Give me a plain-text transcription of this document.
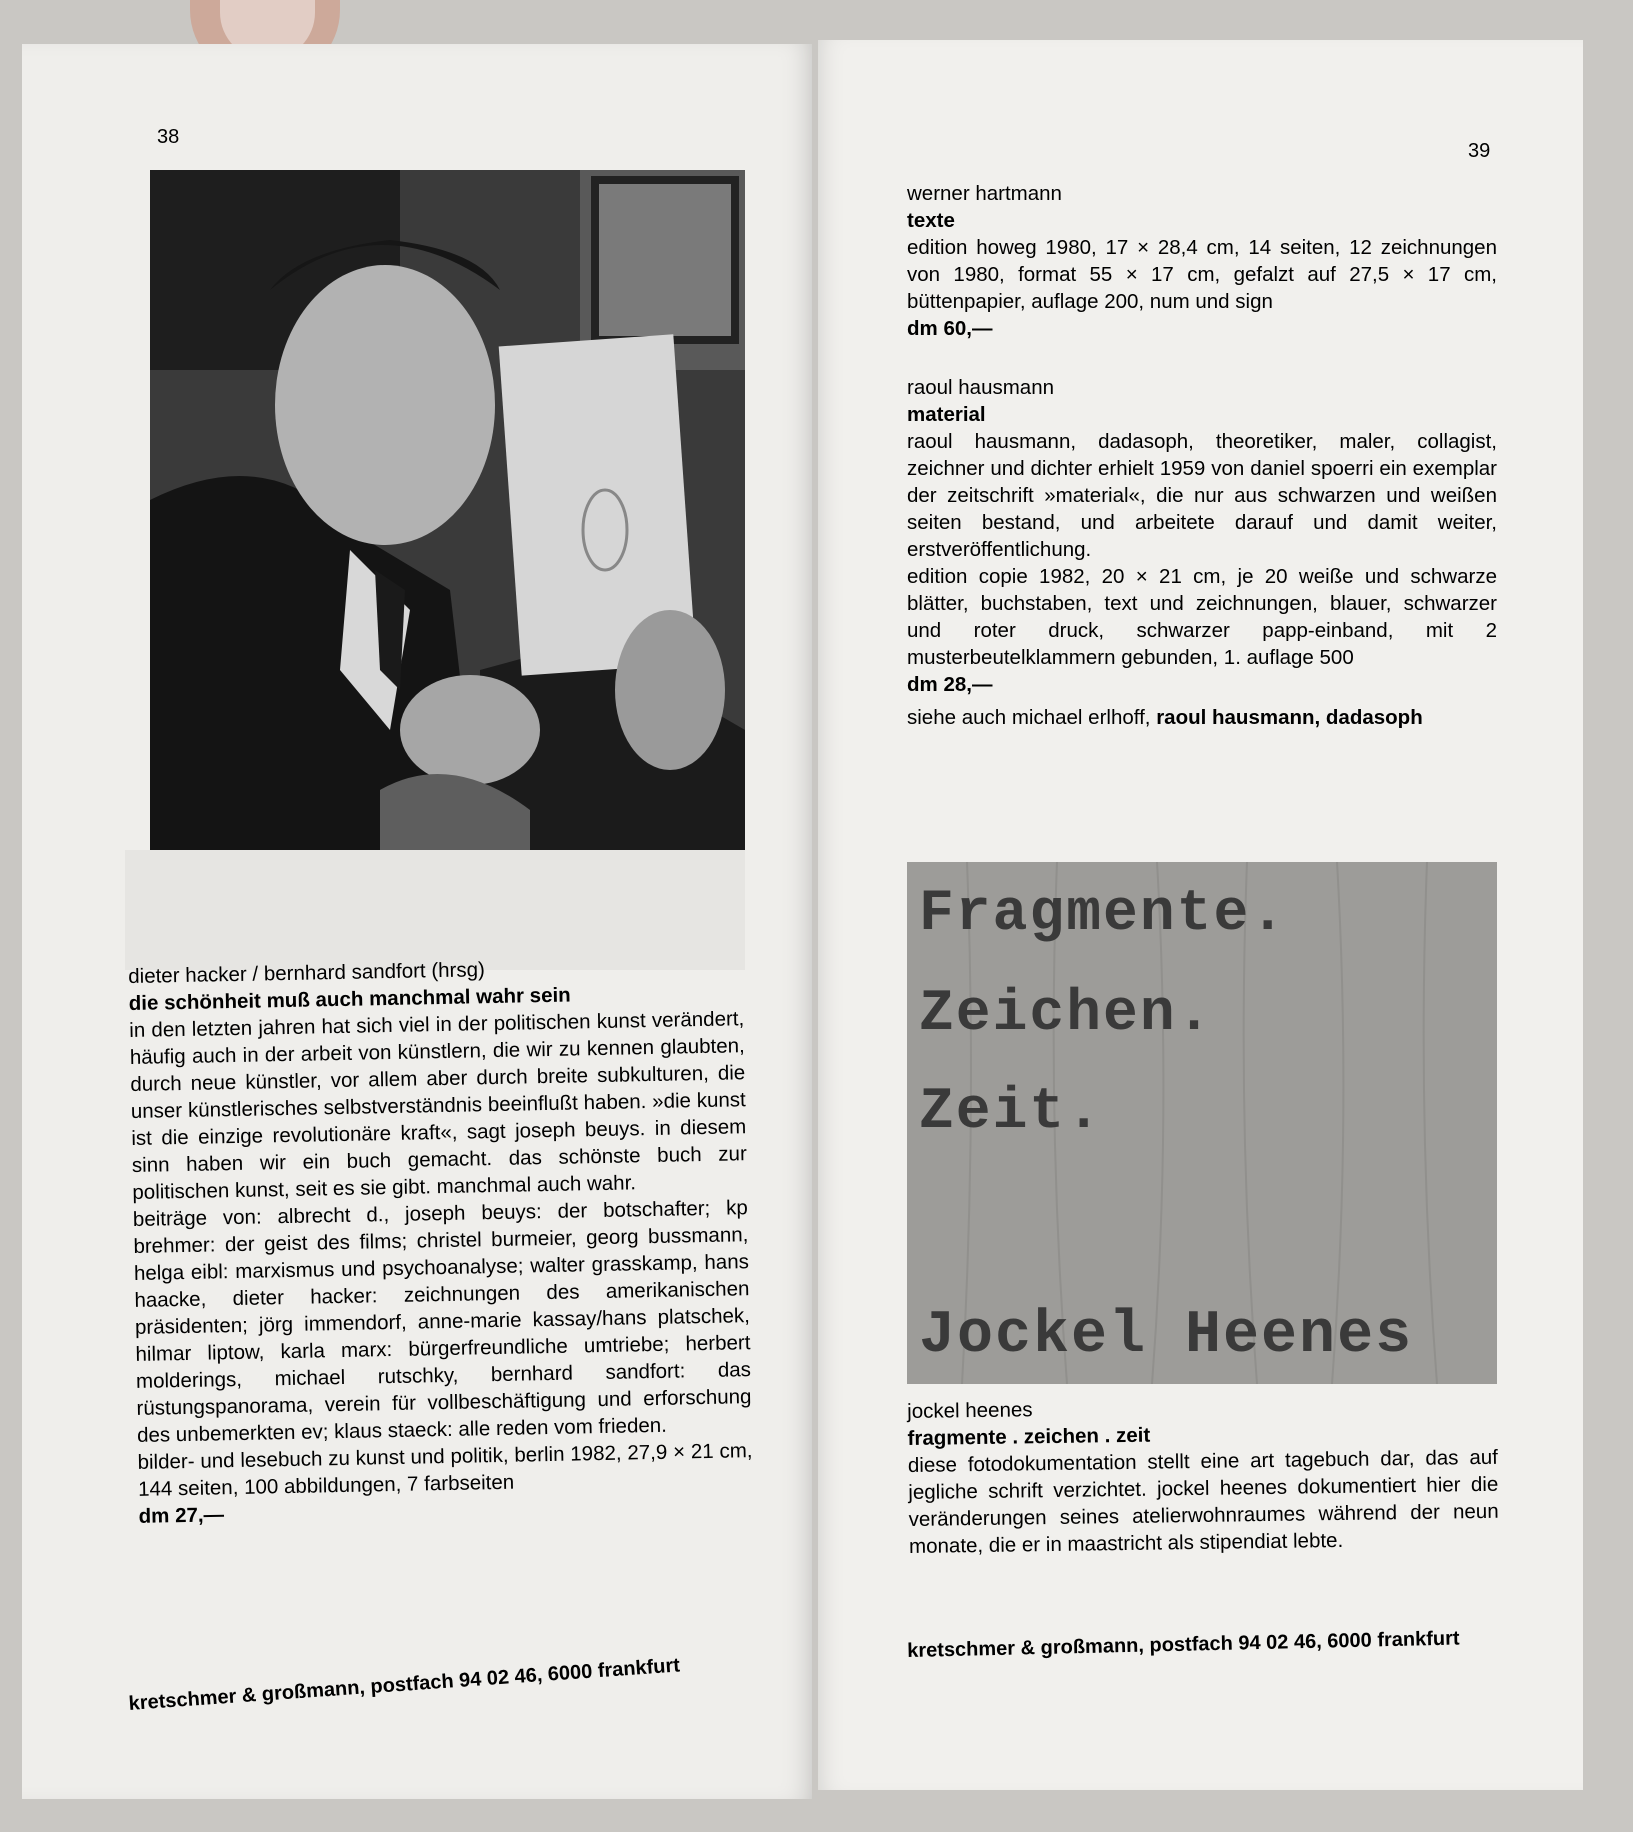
38

dieter hacker / bernhard sandfort (hrsg)

die schönheit muß auch manchmal wahr sein

in den letzten jahren hat sich viel in der politischen kunst verändert, häufig auch in der arbeit von künstlern, die wir zu kennen glaubten, durch neue künstler, vor allem aber durch breite subkulturen, die unser künstlerisches selbstverständnis beeinflußt haben. »die kunst ist die einzige revolutionäre kraft«, sagt joseph beuys. in diesem sinn haben wir ein buch gemacht. das schönste buch zur politischen kunst, seit es sie gibt. manchmal auch wahr.

beiträge von: albrecht d., joseph beuys: der botschafter; kp brehmer: der geist des films; christel burmeier, georg bussmann, helga eibl: marxismus und psychoanalyse; walter grasskamp, hans haacke, dieter hacker: zeichnungen des amerikanischen präsidenten; jörg immendorf, anne-marie kassay/hans platschek, hilmar liptow, karla marx: bürgerfreundliche umtriebe; herbert molderings, michael rutschky, bernhard sandfort: das rüstungspanorama, verein für vollbeschäftigung und erforschung des unbemerkten ev; klaus staeck: alle reden vom frieden.

bilder- und lesebuch zu kunst und politik, berlin 1982, 27,9 × 21 cm, 144 seiten, 100 abbildungen, 7 farbseiten

dm 27,—

kretschmer & großmann, postfach 94 02 46, 6000 frankfurt
39

werner hartmann

texte

edition howeg 1980, 17 × 28,4 cm, 14 seiten, 12 zeichnungen von 1980, format 55 × 17 cm, gefalzt auf 27,5 × 17 cm, büttenpapier, auflage 200, num und sign

dm 60,—

raoul hausmann

material

raoul hausmann, dadasoph, theoretiker, maler, collagist, zeichner und dichter erhielt 1959 von daniel spoerri ein exemplar der zeitschrift »material«, die nur aus schwarzen und weißen seiten bestand, und arbeitete darauf und damit weiter, erstveröffentlichung.

edition copie 1982, 20 × 21 cm, je 20 weiße und schwarze blätter, buchstaben, text und zeichnungen, blauer, schwarzer und roter druck, schwarzer papp-einband, mit 2 musterbeutelklammern gebunden, 1. auflage 500

dm 28,—

siehe auch michael erlhoff, raoul hausmann, dadasoph

Fragmente.
Zeichen.
Zeit.
Jockel Heenes

jockel heenes

fragmente . zeichen . zeit

diese fotodokumentation stellt eine art tagebuch dar, das auf jegliche schrift verzichtet. jockel heenes dokumentiert hier die veränderungen seines atelierwohnraumes während der neun monate, die er in maastricht als stipendiat lebte.

kretschmer & großmann, postfach 94 02 46, 6000 frankfurt
